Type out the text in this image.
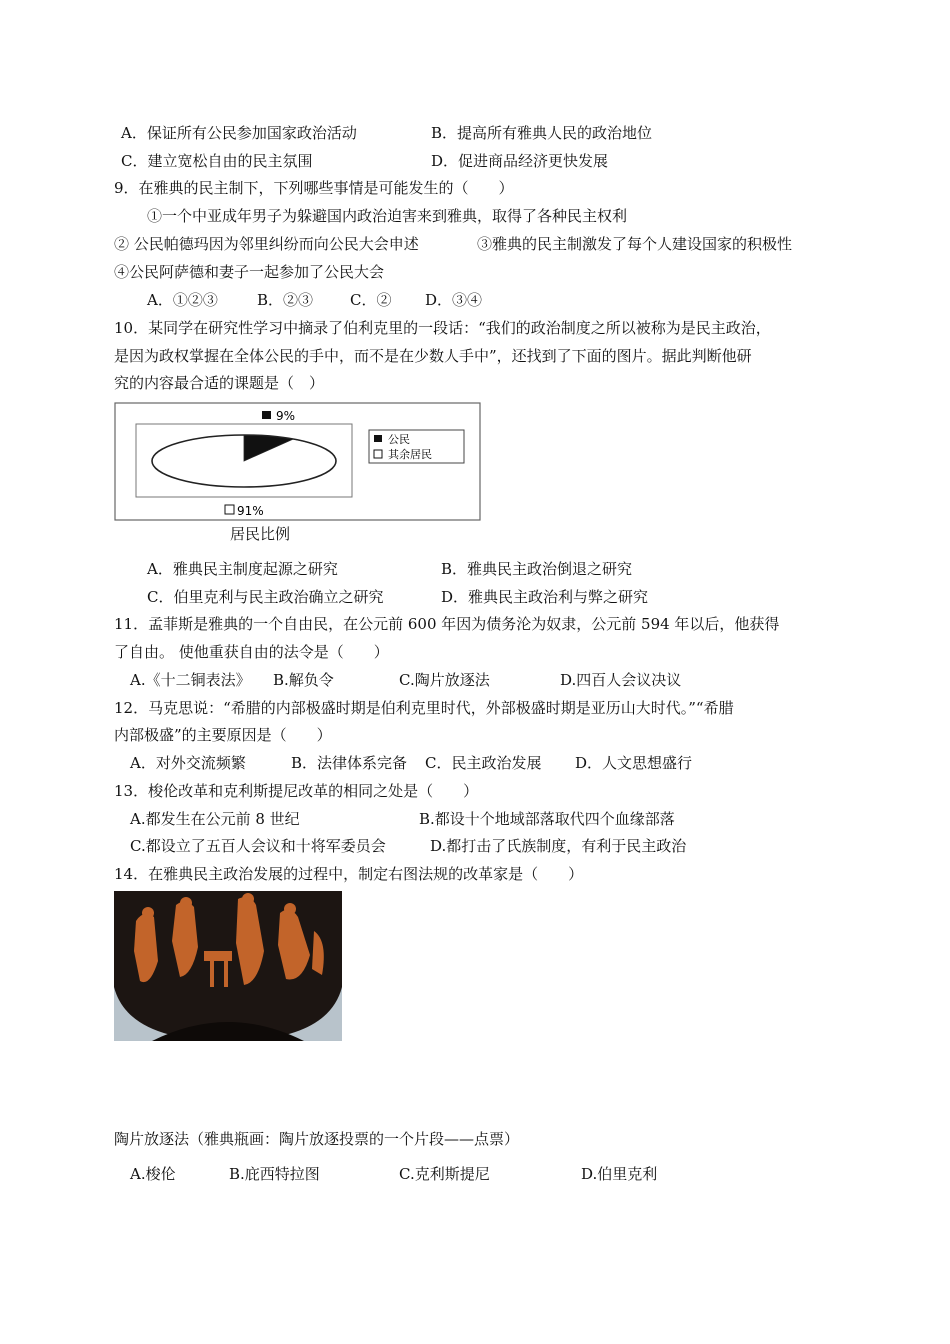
A．保证所有公民参加国家政治活动	B．提高所有雅典人民的政治地位
C．建立宽松自由的民主氛围	D．促进商品经济更快发展
9．在雅典的民主制下，下列哪些事情是可能发生的（　　）
①一个中亚成年男子为躲避国内政治迫害来到雅典，取得了各种民主权利
② 公民帕德玛因为邻里纠纷而向公民大会申述	③雅典的民主制激发了每个人建设国家的积极性
④公民阿萨德和妻子一起参加了公民大会
A．①②③	B．②③ C．② D．③④
10．某同学在研究性学习中摘录了伯利克里的一段话：“我们的政治制度之所以被称为是民主政治，
是因为政权掌握在全体公民的手中，而不是在少数人手中”，还找到了下面的图片。据此判断他研
究的内容最合适的课题是（　）
9%
91%
公民
其余居民
居民比例
A．雅典民主制度起源之研究	B．雅典民主政治倒退之研究
C．伯里克利与民主政治确立之研究	D．雅典民主政治利与弊之研究
11．孟菲斯是雅典的一个自由民，在公元前 600 年因为债务沦为奴隶，公元前 594 年以后，他获得
了自由。 使他重获自由的法令是（　　）
A.《十二铜表法》 B.解负令	C.陶片放逐法	D.四百人会议决议
12．马克思说：“希腊的内部极盛时期是伯利克里时代，外部极盛时期是亚历山大时代。”“希腊
内部极盛”的主要原因是（　　）
A．对外交流频繁	B．法律体系完备 C．民主政治发展 D．人文思想盛行
13．梭伦改革和克利斯提尼改革的相同之处是（　　）
A.都发生在公元前 8 世纪	B.都设十个地域部落取代四个血缘部落
C.都设立了五百人会议和十将军委员会	D.都打击了氏族制度，有利于民主政治
14．在雅典民主政治发展的过程中，制定右图法规的改革家是（　　）
陶片放逐法（雅典瓶画：陶片放逐投票的一个片段——点票）
A.梭伦	B.庇西特拉图	C.克利斯提尼	D.伯里克利
